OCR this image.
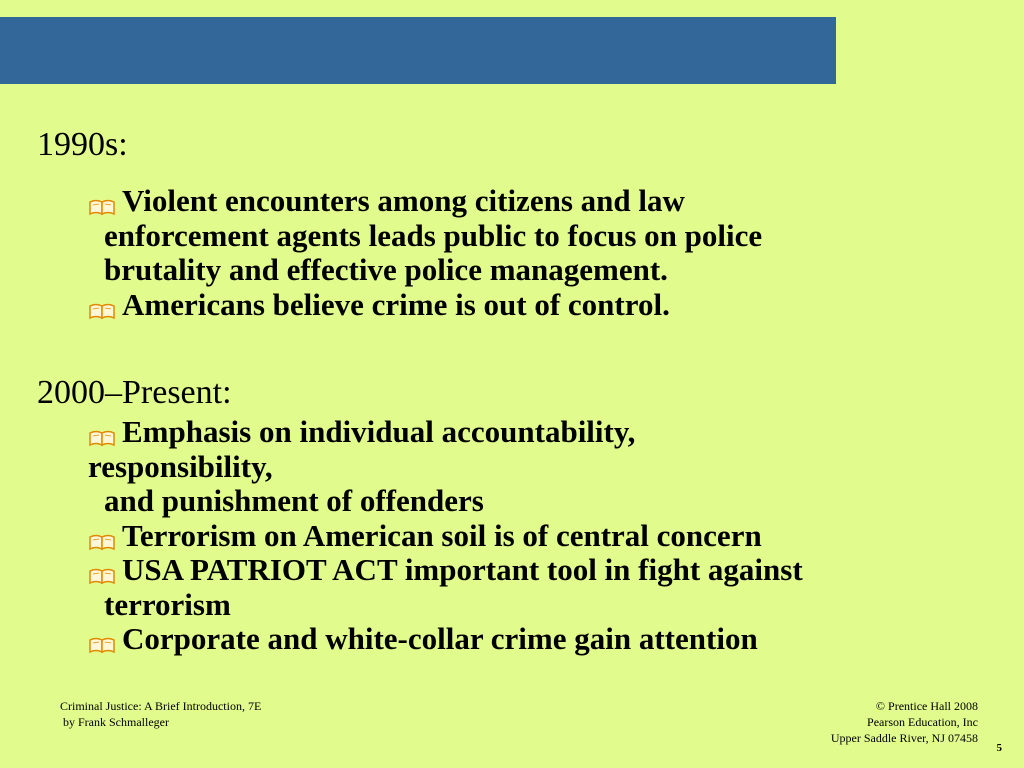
1990s:
Violent encounters among citizens and law
enforcement agents leads public to focus on police
brutality and effective police management.
Americans believe crime is out of control.
2000–Present:
Emphasis on individual accountability,
responsibility,
and punishment of offenders
Terrorism on American soil is of central concern
USA PATRIOT ACT important tool in fight against
terrorism
Corporate and white-collar crime gain attention
Criminal Justice: A Brief Introduction, 7E
by Frank Schmalleger
© Prentice Hall 2008
Pearson Education, Inc
Upper Saddle River, NJ 07458
5
